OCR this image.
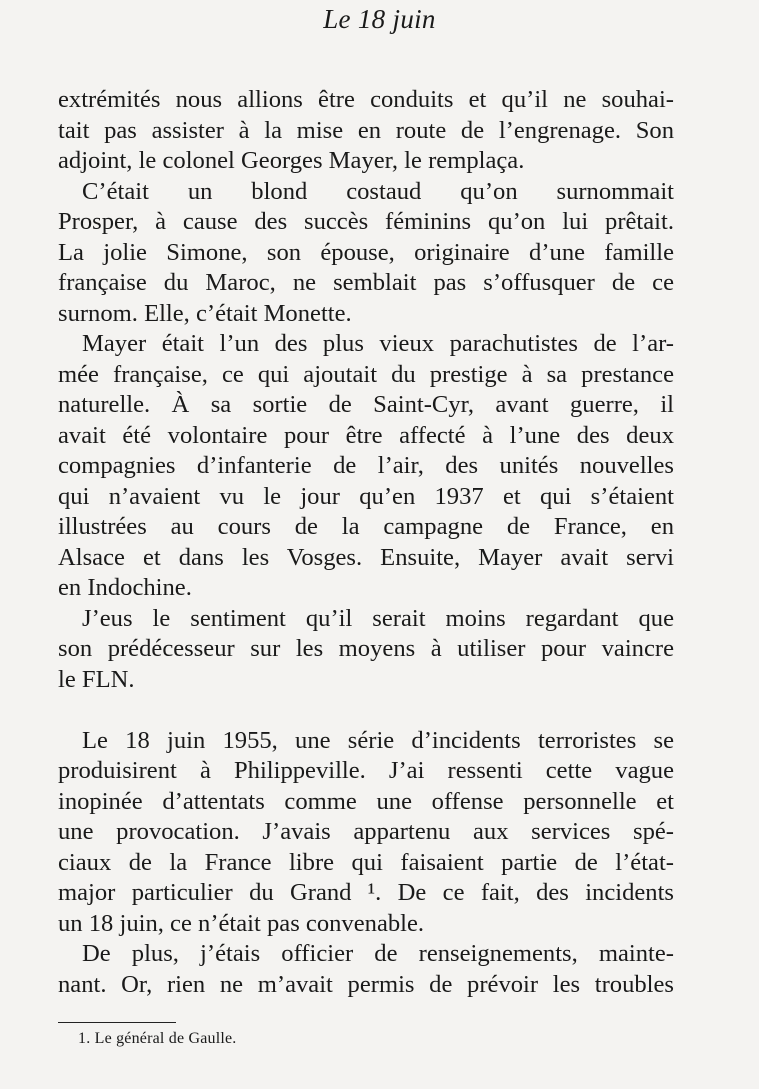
Le 18 juin
extrémités nous allions être conduits et qu’il ne souhai-
tait pas assister à la mise en route de l’engrenage. Son
adjoint, le colonel Georges Mayer, le remplaça.
C’était un blond costaud qu’on surnommait
Prosper, à cause des succès féminins qu’on lui prêtait.
La jolie Simone, son épouse, originaire d’une famille
française du Maroc, ne semblait pas s’offusquer de ce
surnom. Elle, c’était Monette.
Mayer était l’un des plus vieux parachutistes de l’ar-
mée française, ce qui ajoutait du prestige à sa prestance
naturelle. À sa sortie de Saint-Cyr, avant guerre, il
avait été volontaire pour être affecté à l’une des deux
compagnies d’infanterie de l’air, des unités nouvelles
qui n’avaient vu le jour qu’en 1937 et qui s’étaient
illustrées au cours de la campagne de France, en
Alsace et dans les Vosges. Ensuite, Mayer avait servi
en Indochine.
J’eus le sentiment qu’il serait moins regardant que
son prédécesseur sur les moyens à utiliser pour vaincre
le FLN.
Le 18 juin 1955, une série d’incidents terroristes se
produisirent à Philippeville. J’ai ressenti cette vague
inopinée d’attentats comme une offense personnelle et
une provocation. J’avais appartenu aux services spé-
ciaux de la France libre qui faisaient partie de l’état-
major particulier du Grand ¹. De ce fait, des incidents
un 18 juin, ce n’était pas convenable.
De plus, j’étais officier de renseignements, mainte-
nant. Or, rien ne m’avait permis de prévoir les troubles
1. Le général de Gaulle.
